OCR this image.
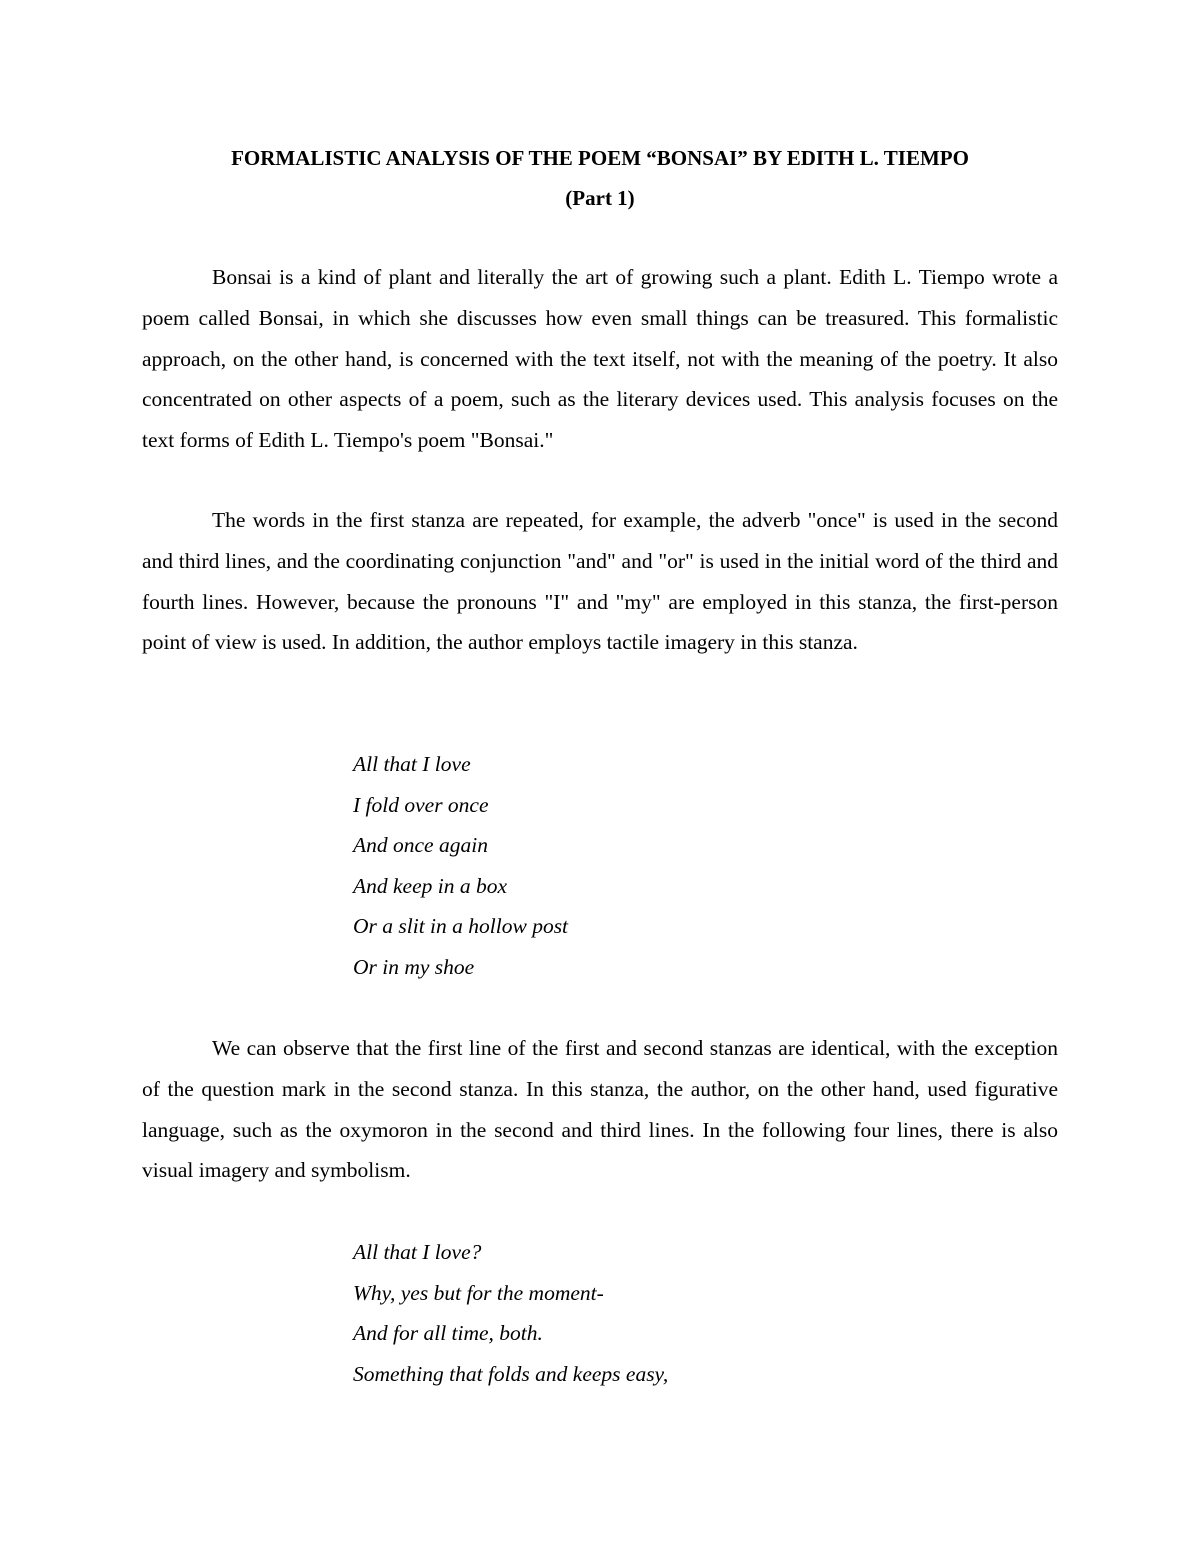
FORMALISTIC ANALYSIS OF THE POEM “BONSAI” BY EDITH L. TIEMPO
(Part 1)

Bonsai is a kind of plant and literally the art of growing such a plant. Edith L. Tiempo wrote a poem called Bonsai, in which she discusses how even small things can be treasured. This formalistic approach, on the other hand, is concerned with the text itself, not with the meaning of the poetry. It also concentrated on other aspects of a poem, such as the literary devices used. This analysis focuses on the text forms of Edith L. Tiempo's poem "Bonsai."

The words in the first stanza are repeated, for example, the adverb "once" is used in the second and third lines, and the coordinating conjunction "and" and "or" is used in the initial word of the third and fourth lines. However, because the pronouns "I" and "my" are employed in this stanza, the first-person point of view is used. In addition, the author employs tactile imagery in this stanza.

All that I love
I fold over once
And once again
And keep in a box
Or a slit in a hollow post
Or in my shoe

We can observe that the first line of the first and second stanzas are identical, with the exception of the question mark in the second stanza. In this stanza, the author, on the other hand, used figurative language, such as the oxymoron in the second and third lines. In the following four lines, there is also visual imagery and symbolism.

All that I love?
Why, yes but for the moment-
And for all time, both.
Something that folds and keeps easy,
